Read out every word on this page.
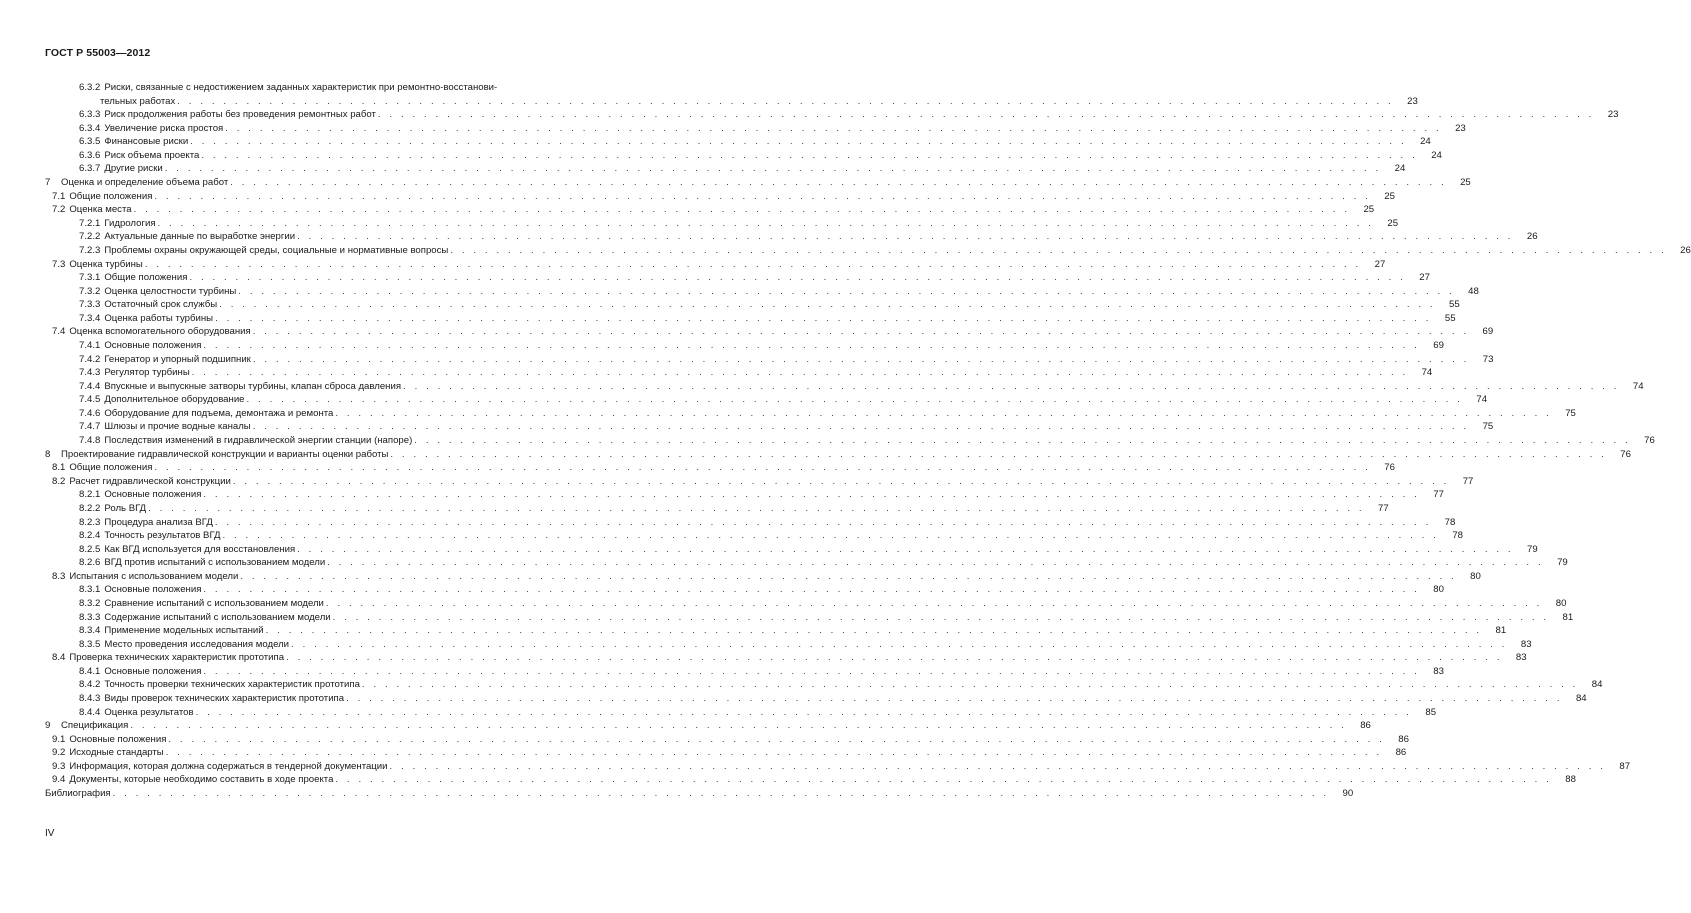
ГОСТ Р 55003—2012
6.3.2 Риски, связанные с недостижением заданных характеристик при ремонтно-восстанови-
тельных работах . . . . . . . . . . . . . . . . . . . . . . . . . . . . . . . . . . . . . . . . . . . . . . . . . . . . . . . . . . . . . . . . . . . . . . . . . . . . . . . . . . . . . . . . . . . . . . . . . . . . . . . . . .	23
6.3.3 Риск продолжения работы без проведения ремонтных работ . . . . . . . . . . . . . . . . . . . . . . . . . . . . . . . . . . . . . . . . . . . . . . . . . . . . . . . . . . . . . . . . . . . . . . . . . . . . . . . . . . . . . . . . . . . . . . . . . . . . . . . . . .	23
6.3.4 Увеличение риска простоя . . . . . . . . . . . . . . . . . . . . . . . . . . . . . . . . . . . . . . . . . . . . . . . . . . . . . . . . . . . . . . . . . . . . . . . . . . . . . . . . . . . . . . . . . . . . . . . . . . . . . . . . . .	23
6.3.5 Финансовые риски . . . . . . . . . . . . . . . . . . . . . . . . . . . . . . . . . . . . . . . . . . . . . . . . . . . . . . . . . . . . . . . . . . . . . . . . . . . . . . . . . . . . . . . . . . . . . . . . . . . . . . . . . .	24
6.3.6 Риск объема проекта . . . . . . . . . . . . . . . . . . . . . . . . . . . . . . . . . . . . . . . . . . . . . . . . . . . . . . . . . . . . . . . . . . . . . . . . . . . . . . . . . . . . . . . . . . . . . . . . . . . . . . . . . .	24
6.3.7 Другие риски . . . . . . . . . . . . . . . . . . . . . . . . . . . . . . . . . . . . . . . . . . . . . . . . . . . . . . . . . . . . . . . . . . . . . . . . . . . . . . . . . . . . . . . . . . . . . . . . . . . . . . . . . .	24
7 Оценка и определение объема работ . . . . . . . . . . . . . . . . . . . . . . . . . . . . . . . . . . . . . . . . . . . . . . . . . . . . . . . . . . . . . . . . . . . . . . . . . . . . . . . . . . . . . . . . . . . . . . . . . . . . . . . . . .	25
7.1 Общие положения . . . . . . . . . . . . . . . . . . . . . . . . . . . . . . . . . . . . . . . . . . . . . . . . . . . . . . . . . . . . . . . . . . . . . . . . . . . . . . . . . . . . . . . . . . . . . . . . . . . . . . . . . .	25
7.2 Оценка места . . . . . . . . . . . . . . . . . . . . . . . . . . . . . . . . . . . . . . . . . . . . . . . . . . . . . . . . . . . . . . . . . . . . . . . . . . . . . . . . . . . . . . . . . . . . . . . . . . . . . . . . . .	25
7.2.1 Гидрология . . . . . . . . . . . . . . . . . . . . . . . . . . . . . . . . . . . . . . . . . . . . . . . . . . . . . . . . . . . . . . . . . . . . . . . . . . . . . . . . . . . . . . . . . . . . . . . . . . . . . . . . . .	25
7.2.2 Актуальные данные по выработке энергии . . . . . . . . . . . . . . . . . . . . . . . . . . . . . . . . . . . . . . . . . . . . . . . . . . . . . . . . . . . . . . . . . . . . . . . . . . . . . . . . . . . . . . . . . . . . . . . . . . . . . . . . . .	26
7.2.3 Проблемы охраны окружающей среды, социальные и нормативные вопросы . . . . . . . . . . . . . . . . . . . . . . . . . . . . . . . . . . . . . . . . . . . . . . . . . . . . . . . . . . . . . . . . . . . . . . . . . . . . . . . . . . . . . . . . . . . . . . . . . . . . . . . . . .	26
7.3 Оценка турбины . . . . . . . . . . . . . . . . . . . . . . . . . . . . . . . . . . . . . . . . . . . . . . . . . . . . . . . . . . . . . . . . . . . . . . . . . . . . . . . . . . . . . . . . . . . . . . . . . . . . . . . . . .	27
7.3.1 Общие положения . . . . . . . . . . . . . . . . . . . . . . . . . . . . . . . . . . . . . . . . . . . . . . . . . . . . . . . . . . . . . . . . . . . . . . . . . . . . . . . . . . . . . . . . . . . . . . . . . . . . . . . . . .	27
7.3.2 Оценка целостности турбины . . . . . . . . . . . . . . . . . . . . . . . . . . . . . . . . . . . . . . . . . . . . . . . . . . . . . . . . . . . . . . . . . . . . . . . . . . . . . . . . . . . . . . . . . . . . . . . . . . . . . . . . . .	48
7.3.3 Остаточный срок службы . . . . . . . . . . . . . . . . . . . . . . . . . . . . . . . . . . . . . . . . . . . . . . . . . . . . . . . . . . . . . . . . . . . . . . . . . . . . . . . . . . . . . . . . . . . . . . . . . . . . . . . . . .	55
7.3.4 Оценка работы турбины . . . . . . . . . . . . . . . . . . . . . . . . . . . . . . . . . . . . . . . . . . . . . . . . . . . . . . . . . . . . . . . . . . . . . . . . . . . . . . . . . . . . . . . . . . . . . . . . . . . . . . . . . .	55
7.4 Оценка вспомогательного оборудования . . . . . . . . . . . . . . . . . . . . . . . . . . . . . . . . . . . . . . . . . . . . . . . . . . . . . . . . . . . . . . . . . . . . . . . . . . . . . . . . . . . . . . . . . . . . . . . . . . . . . . . . . .	69
7.4.1 Основные положения . . . . . . . . . . . . . . . . . . . . . . . . . . . . . . . . . . . . . . . . . . . . . . . . . . . . . . . . . . . . . . . . . . . . . . . . . . . . . . . . . . . . . . . . . . . . . . . . . . . . . . . . . .	69
7.4.2 Генератор и упорный подшипник . . . . . . . . . . . . . . . . . . . . . . . . . . . . . . . . . . . . . . . . . . . . . . . . . . . . . . . . . . . . . . . . . . . . . . . . . . . . . . . . . . . . . . . . . . . . . . . . . . . . . . . . . .	73
7.4.3 Регулятор турбины . . . . . . . . . . . . . . . . . . . . . . . . . . . . . . . . . . . . . . . . . . . . . . . . . . . . . . . . . . . . . . . . . . . . . . . . . . . . . . . . . . . . . . . . . . . . . . . . . . . . . . . . . .	74
7.4.4 Впускные и выпускные затворы турбины, клапан сброса давления . . . . . . . . . . . . . . . . . . . . . . . . . . . . . . . . . . . . . . . . . . . . . . . . . . . . . . . . . . . . . . . . . . . . . . . . . . . . . . . . . . . . . . . . . . . . . . . . . . . . . . . . . .	74
7.4.5 Дополнительное оборудование . . . . . . . . . . . . . . . . . . . . . . . . . . . . . . . . . . . . . . . . . . . . . . . . . . . . . . . . . . . . . . . . . . . . . . . . . . . . . . . . . . . . . . . . . . . . . . . . . . . . . . . . . .	74
7.4.6 Оборудование для подъема, демонтажа и ремонта . . . . . . . . . . . . . . . . . . . . . . . . . . . . . . . . . . . . . . . . . . . . . . . . . . . . . . . . . . . . . . . . . . . . . . . . . . . . . . . . . . . . . . . . . . . . . . . . . . . . . . . . . .	75
7.4.7 Шлюзы и прочие водные каналы . . . . . . . . . . . . . . . . . . . . . . . . . . . . . . . . . . . . . . . . . . . . . . . . . . . . . . . . . . . . . . . . . . . . . . . . . . . . . . . . . . . . . . . . . . . . . . . . . . . . . . . . . .	75
7.4.8 Последствия изменений в гидравлической энергии станции (напоре) . . . . . . . . . . . . . . . . . . . . . . . . . . . . . . . . . . . . . . . . . . . . . . . . . . . . . . . . . . . . . . . . . . . . . . . . . . . . . . . . . . . . . . . . . . . . . . . . . . . . . . . . . .	76
8 Проектирование гидравлической конструкции и варианты оценки работы . . . . . . . . . . . . . . . . . . . . . . . . . . . . . . . . . . . . . . . . . . . . . . . . . . . . . . . . . . . . . . . . . . . . . . . . . . . . . . . . . . . . . . . . . . . . . . . . . . . . . . . . . .	76
8.1 Общие положения . . . . . . . . . . . . . . . . . . . . . . . . . . . . . . . . . . . . . . . . . . . . . . . . . . . . . . . . . . . . . . . . . . . . . . . . . . . . . . . . . . . . . . . . . . . . . . . . . . . . . . . . . .	76
8.2 Расчет гидравлической конструкции . . . . . . . . . . . . . . . . . . . . . . . . . . . . . . . . . . . . . . . . . . . . . . . . . . . . . . . . . . . . . . . . . . . . . . . . . . . . . . . . . . . . . . . . . . . . . . . . . . . . . . . . . .	77
8.2.1 Основные положения . . . . . . . . . . . . . . . . . . . . . . . . . . . . . . . . . . . . . . . . . . . . . . . . . . . . . . . . . . . . . . . . . . . . . . . . . . . . . . . . . . . . . . . . . . . . . . . . . . . . . . . . . .	77
8.2.2 Роль ВГД . . . . . . . . . . . . . . . . . . . . . . . . . . . . . . . . . . . . . . . . . . . . . . . . . . . . . . . . . . . . . . . . . . . . . . . . . . . . . . . . . . . . . . . . . . . . . . . . . . . . . . . . . .	77
8.2.3 Процедура анализа ВГД . . . . . . . . . . . . . . . . . . . . . . . . . . . . . . . . . . . . . . . . . . . . . . . . . . . . . . . . . . . . . . . . . . . . . . . . . . . . . . . . . . . . . . . . . . . . . . . . . . . . . . . . . .	78
8.2.4 Точность результатов ВГД . . . . . . . . . . . . . . . . . . . . . . . . . . . . . . . . . . . . . . . . . . . . . . . . . . . . . . . . . . . . . . . . . . . . . . . . . . . . . . . . . . . . . . . . . . . . . . . . . . . . . . . . . .	78
8.2.5 Как ВГД используется для восстановления . . . . . . . . . . . . . . . . . . . . . . . . . . . . . . . . . . . . . . . . . . . . . . . . . . . . . . . . . . . . . . . . . . . . . . . . . . . . . . . . . . . . . . . . . . . . . . . . . . . . . . . . . .	79
8.2.6 ВГД против испытаний с использованием модели . . . . . . . . . . . . . . . . . . . . . . . . . . . . . . . . . . . . . . . . . . . . . . . . . . . . . . . . . . . . . . . . . . . . . . . . . . . . . . . . . . . . . . . . . . . . . . . . . . . . . . . . . .	79
8.3 Испытания с использованием модели . . . . . . . . . . . . . . . . . . . . . . . . . . . . . . . . . . . . . . . . . . . . . . . . . . . . . . . . . . . . . . . . . . . . . . . . . . . . . . . . . . . . . . . . . . . . . . . . . . . . . . . . . .	80
8.3.1 Основные положения . . . . . . . . . . . . . . . . . . . . . . . . . . . . . . . . . . . . . . . . . . . . . . . . . . . . . . . . . . . . . . . . . . . . . . . . . . . . . . . . . . . . . . . . . . . . . . . . . . . . . . . . . .	80
8.3.2 Сравнение испытаний с использованием модели . . . . . . . . . . . . . . . . . . . . . . . . . . . . . . . . . . . . . . . . . . . . . . . . . . . . . . . . . . . . . . . . . . . . . . . . . . . . . . . . . . . . . . . . . . . . . . . . . . . . . . . . . .	80
8.3.3 Содержание испытаний с использованием модели . . . . . . . . . . . . . . . . . . . . . . . . . . . . . . . . . . . . . . . . . . . . . . . . . . . . . . . . . . . . . . . . . . . . . . . . . . . . . . . . . . . . . . . . . . . . . . . . . . . . . . . . . .	81
8.3.4 Применение модельных испытаний . . . . . . . . . . . . . . . . . . . . . . . . . . . . . . . . . . . . . . . . . . . . . . . . . . . . . . . . . . . . . . . . . . . . . . . . . . . . . . . . . . . . . . . . . . . . . . . . . . . . . . . . . .	81
8.3.5 Место проведения исследования модели . . . . . . . . . . . . . . . . . . . . . . . . . . . . . . . . . . . . . . . . . . . . . . . . . . . . . . . . . . . . . . . . . . . . . . . . . . . . . . . . . . . . . . . . . . . . . . . . . . . . . . . . . .	83
8.4 Проверка технических характеристик прототипа . . . . . . . . . . . . . . . . . . . . . . . . . . . . . . . . . . . . . . . . . . . . . . . . . . . . . . . . . . . . . . . . . . . . . . . . . . . . . . . . . . . . . . . . . . . . . . . . . . . . . . . . . .	83
8.4.1 Основные положения . . . . . . . . . . . . . . . . . . . . . . . . . . . . . . . . . . . . . . . . . . . . . . . . . . . . . . . . . . . . . . . . . . . . . . . . . . . . . . . . . . . . . . . . . . . . . . . . . . . . . . . . . .	83
8.4.2 Точность проверки технических характеристик прототипа . . . . . . . . . . . . . . . . . . . . . . . . . . . . . . . . . . . . . . . . . . . . . . . . . . . . . . . . . . . . . . . . . . . . . . . . . . . . . . . . . . . . . . . . . . . . . . . . . . . . . . . . . .	84
8.4.3 Виды проверок технических характеристик прототипа . . . . . . . . . . . . . . . . . . . . . . . . . . . . . . . . . . . . . . . . . . . . . . . . . . . . . . . . . . . . . . . . . . . . . . . . . . . . . . . . . . . . . . . . . . . . . . . . . . . . . . . . . .	84
8.4.4 Оценка результатов . . . . . . . . . . . . . . . . . . . . . . . . . . . . . . . . . . . . . . . . . . . . . . . . . . . . . . . . . . . . . . . . . . . . . . . . . . . . . . . . . . . . . . . . . . . . . . . . . . . . . . . . . .	85
9 Спецификация . . . . . . . . . . . . . . . . . . . . . . . . . . . . . . . . . . . . . . . . . . . . . . . . . . . . . . . . . . . . . . . . . . . . . . . . . . . . . . . . . . . . . . . . . . . . . . . . . . . . . . . . . .	86
9.1 Основные положения . . . . . . . . . . . . . . . . . . . . . . . . . . . . . . . . . . . . . . . . . . . . . . . . . . . . . . . . . . . . . . . . . . . . . . . . . . . . . . . . . . . . . . . . . . . . . . . . . . . . . . . . . .	86
9.2 Исходные стандарты . . . . . . . . . . . . . . . . . . . . . . . . . . . . . . . . . . . . . . . . . . . . . . . . . . . . . . . . . . . . . . . . . . . . . . . . . . . . . . . . . . . . . . . . . . . . . . . . . . . . . . . . . .	86
9.3 Информация, которая должна содержаться в тендерной документации . . . . . . . . . . . . . . . . . . . . . . . . . . . . . . . . . . . . . . . . . . . . . . . . . . . . . . . . . . . . . . . . . . . . . . . . . . . . . . . . . . . . . . . . . . . . . . . . . . . . . . . . . .	87
9.4 Документы, которые необходимо составить в ходе проекта . . . . . . . . . . . . . . . . . . . . . . . . . . . . . . . . . . . . . . . . . . . . . . . . . . . . . . . . . . . . . . . . . . . . . . . . . . . . . . . . . . . . . . . . . . . . . . . . . . . . . . . . . .	88
Библиография . . . . . . . . . . . . . . . . . . . . . . . . . . . . . . . . . . . . . . . . . . . . . . . . . . . . . . . . . . . . . . . . . . . . . . . . . . . . . . . . . . . . . . . . . . . . . . . . . . . . . . . . . .	90
IV
